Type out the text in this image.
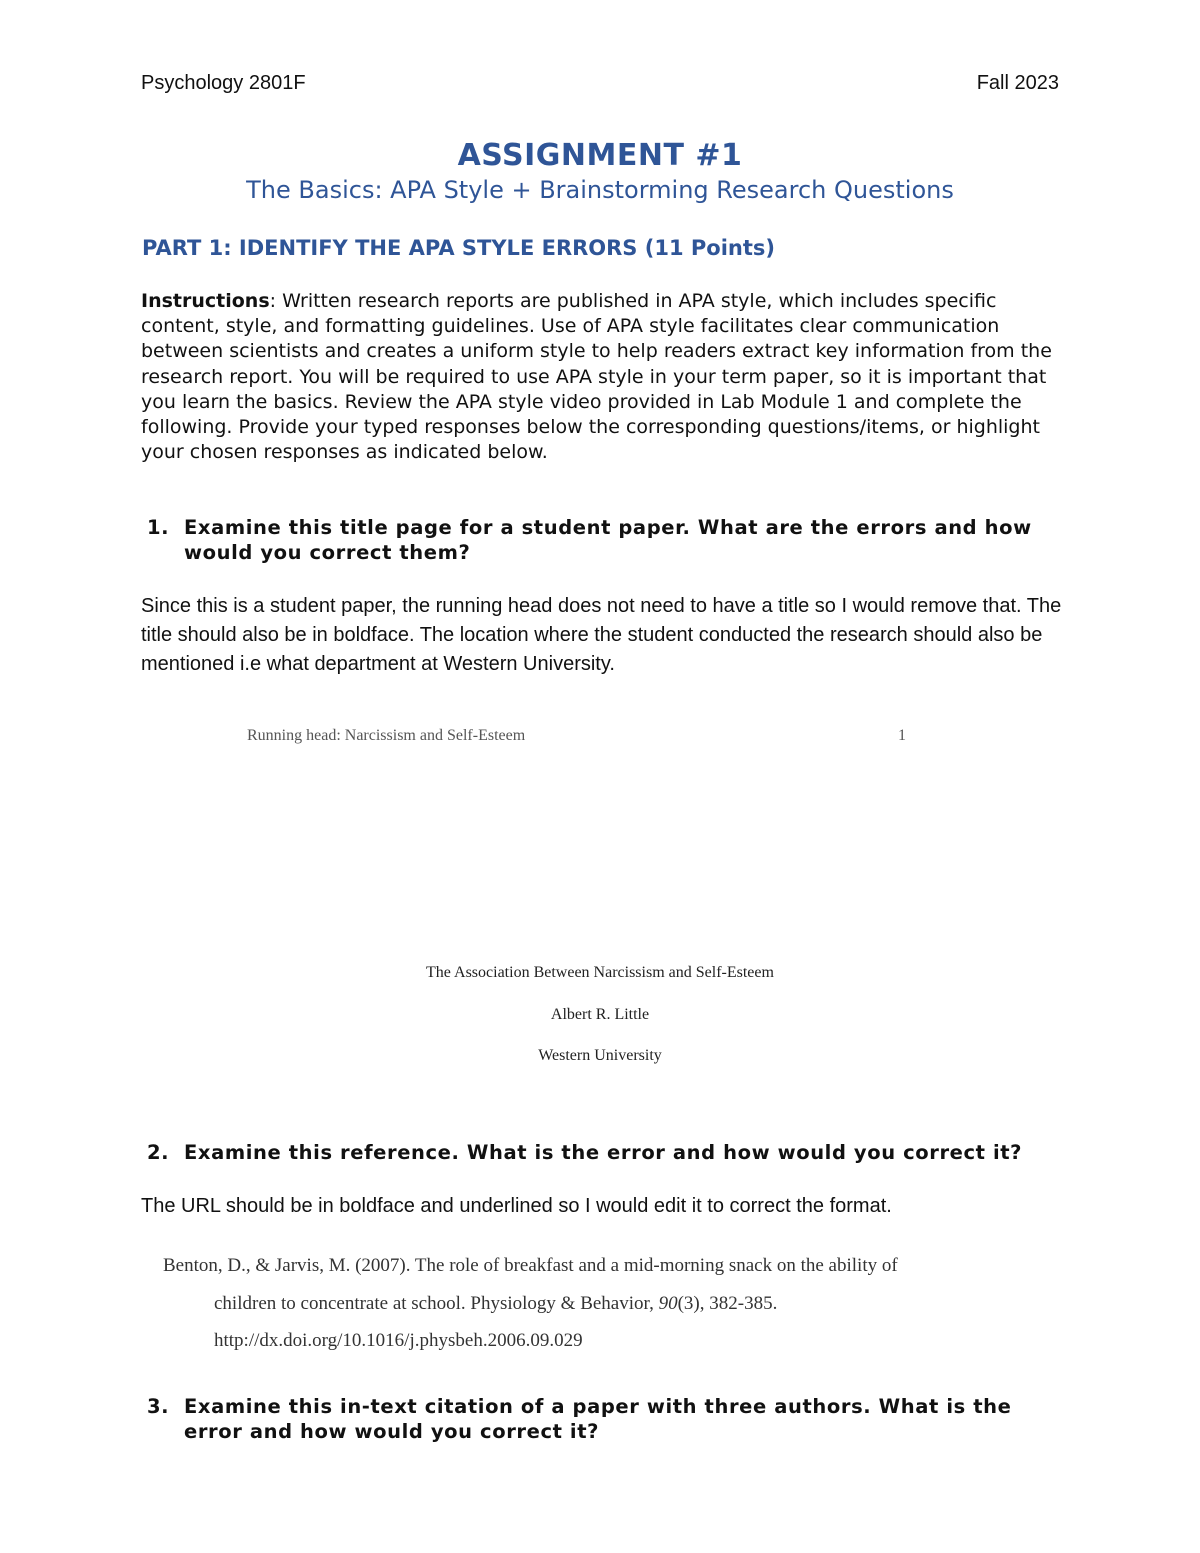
Psychology 2801F	Fall 2023
ASSIGNMENT #1
The Basics: APA Style + Brainstorming Research Questions
PART 1: IDENTIFY THE APA STYLE ERRORS (11 Points)
Instructions: Written research reports are published in APA style, which includes specific content, style, and formatting guidelines. Use of APA style facilitates clear communication between scientists and creates a uniform style to help readers extract key information from the research report. You will be required to use APA style in your term paper, so it is important that you learn the basics. Review the APA style video provided in Lab Module 1 and complete the following. Provide your typed responses below the corresponding questions/items, or highlight your chosen responses as indicated below.
1. Examine this title page for a student paper. What are the errors and how would you correct them?
Since this is a student paper, the running head does not need to have a title so I would remove that. The title should also be in boldface. The location where the student conducted the research should also be mentioned i.e what department at Western University.
Running head: Narcissism and Self-Esteem	1
The Association Between Narcissism and Self-Esteem
Albert R. Little
Western University
2. Examine this reference. What is the error and how would you correct it?
The URL should be in boldface and underlined so I would edit it to correct the format.
Benton, D., & Jarvis, M. (2007). The role of breakfast and a mid-morning snack on the ability of
children to concentrate at school. Physiology & Behavior, 90(3), 382-385.
http://dx.doi.org/10.1016/j.physbeh.2006.09.029
3. Examine this in-text citation of a paper with three authors. What is the error and how would you correct it?
